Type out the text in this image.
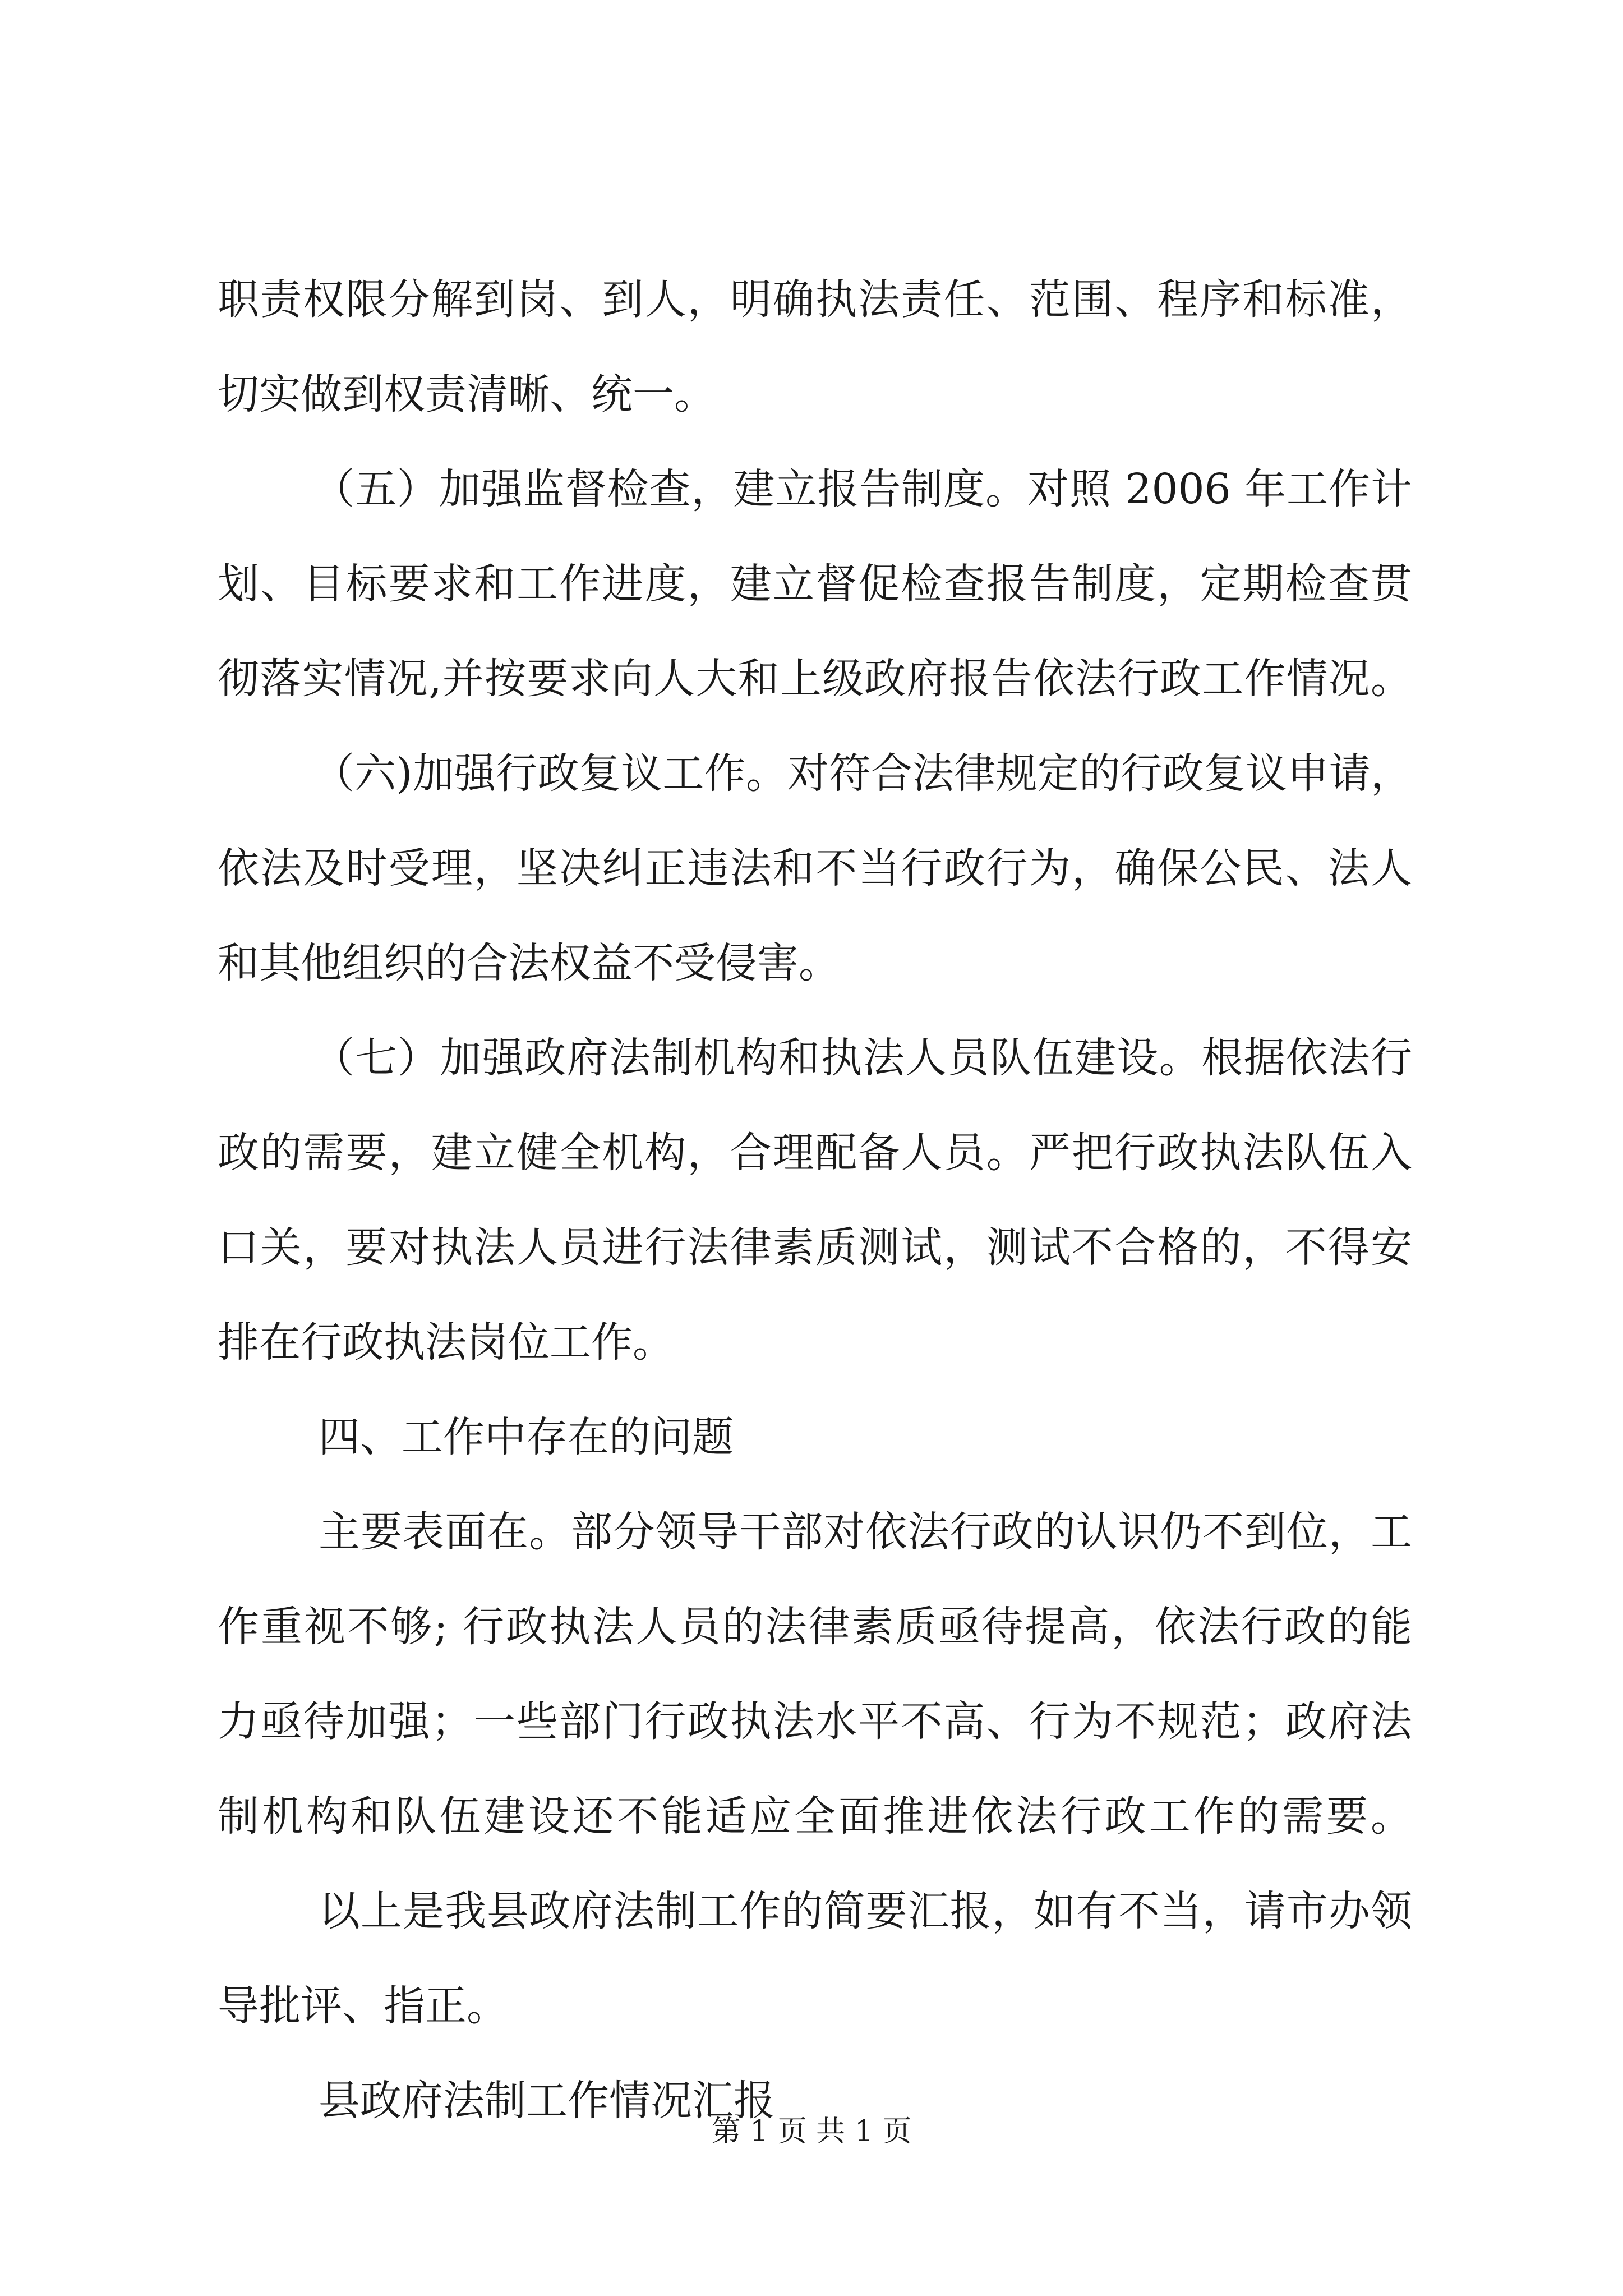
职责权限分解到岗、到人，明确执法责任、范围、程序和标准，
切实做到权责清晰、统一。
（五）加强监督检查，建立报告制度。对照 2006 年工作计
划、目标要求和工作进度，建立督促检查报告制度，定期检查贯
彻落实情况,并按要求向人大和上级政府报告依法行政工作情况。
（六)加强行政复议工作。对符合法律规定的行政复议申请，
依法及时受理，坚决纠正违法和不当行政行为，确保公民、法人
和其他组织的合法权益不受侵害。
（七）加强政府法制机构和执法人员队伍建设。根据依法行
政的需要，建立健全机构，合理配备人员。严把行政执法队伍入
口关，要对执法人员进行法律素质测试，测试不合格的，不得安
排在行政执法岗位工作。
四、工作中存在的问题
主要表面在。部分领导干部对依法行政的认识仍不到位，工
作重视不够; 行政执法人员的法律素质亟待提高，依法行政的能
力亟待加强；一些部门行政执法水平不高、行为不规范；政府法
制机构和队伍建设还不能适应全面推进依法行政工作的需要。
以上是我县政府法制工作的简要汇报，如有不当，请市办领
导批评、指正。
县政府法制工作情况汇报
第 1 页 共 1 页
